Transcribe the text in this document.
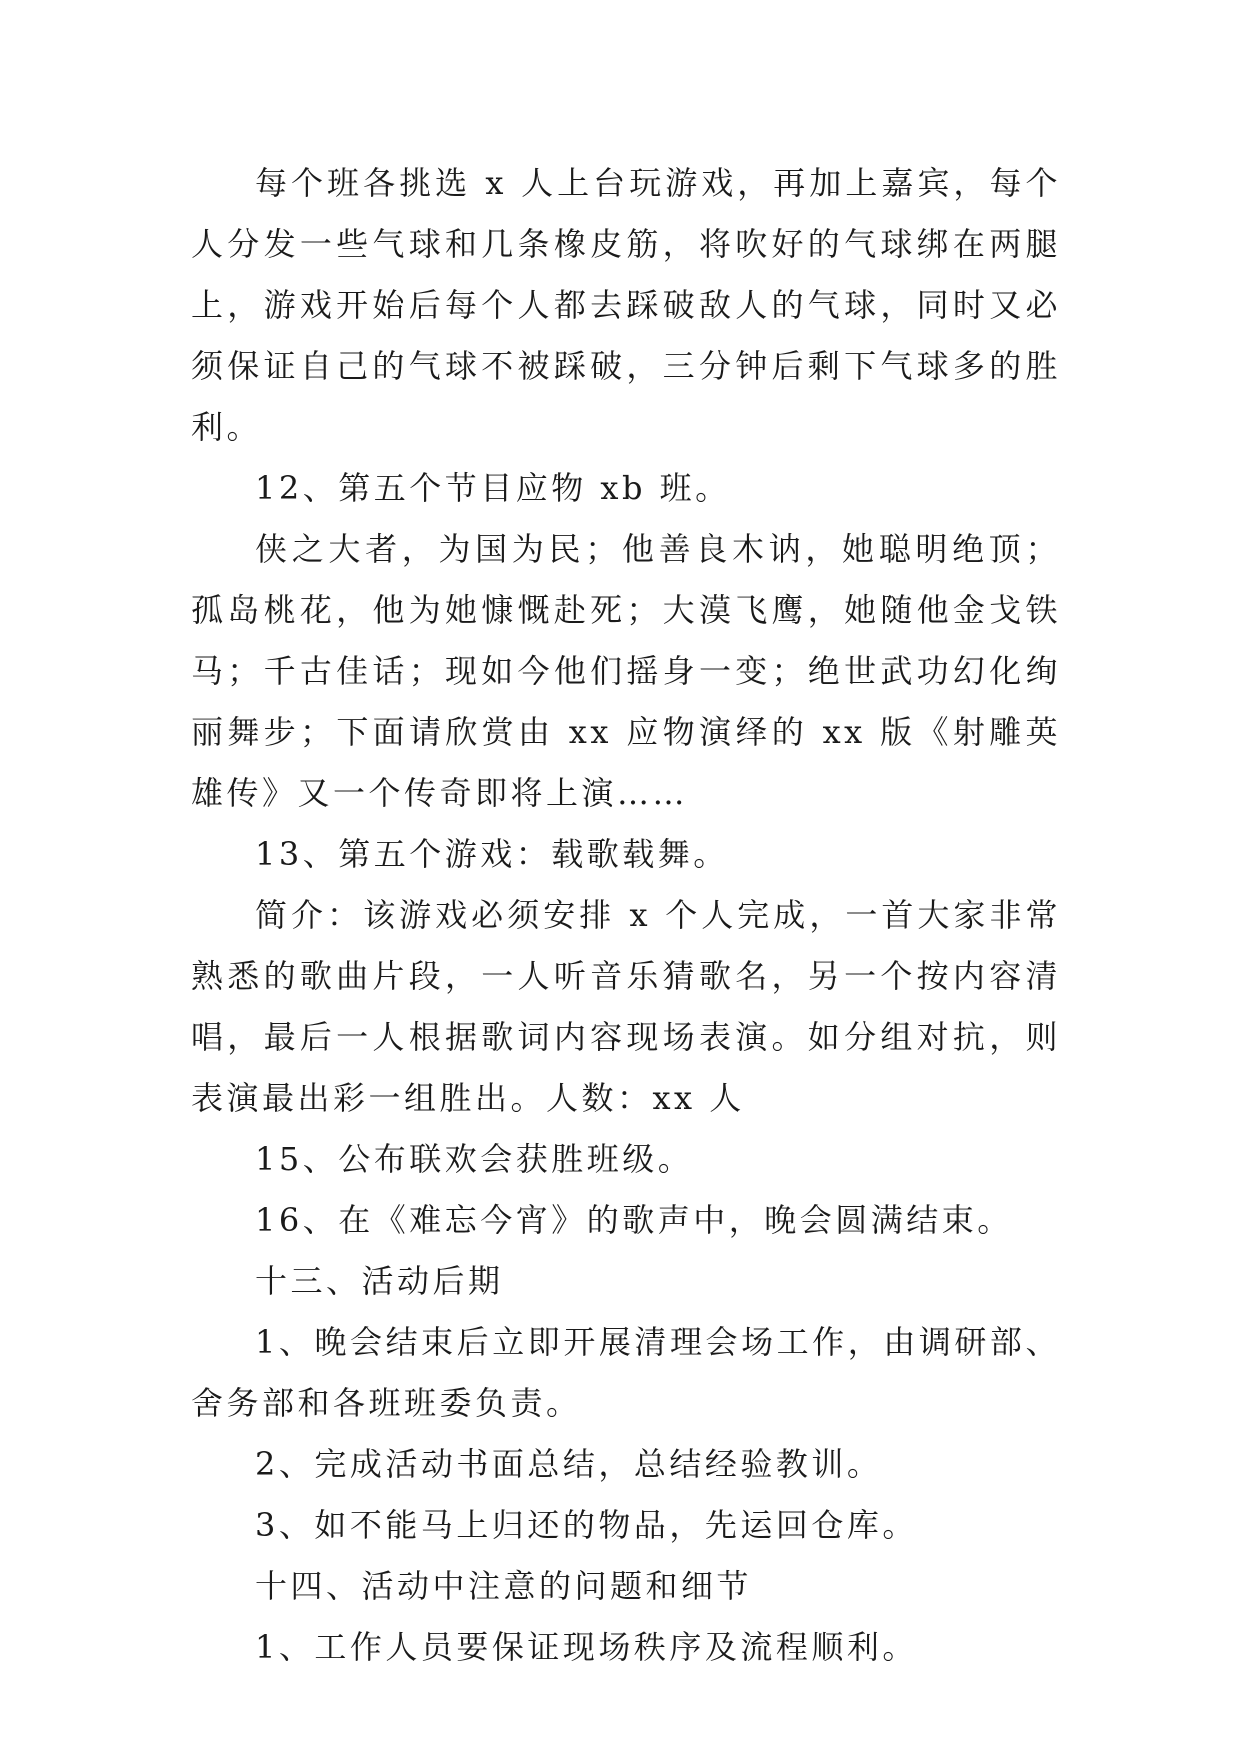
每个班各挑选 x 人上台玩游戏，再加上嘉宾，每个人分发一些气球和几条橡皮筋，将吹好的气球绑在两腿上，游戏开始后每个人都去踩破敌人的气球，同时又必须保证自己的气球不被踩破，三分钟后剩下气球多的胜利。

12、第五个节目应物 xb 班。

侠之大者，为国为民；他善良木讷，她聪明绝顶；孤岛桃花，他为她慷慨赴死；大漠飞鹰，她随他金戈铁马；千古佳话；现如今他们摇身一变；绝世武功幻化绚丽舞步；下面请欣赏由 xx 应物演绎的 xx 版《射雕英雄传》又一个传奇即将上演……

13、第五个游戏：载歌载舞。

简介：该游戏必须安排 x 个人完成，一首大家非常熟悉的歌曲片段，一人听音乐猜歌名，另一个按内容清唱，最后一人根据歌词内容现场表演。如分组对抗，则表演最出彩一组胜出。人数：xx 人

15、公布联欢会获胜班级。

16、在《难忘今宵》的歌声中，晚会圆满结束。

十三、活动后期

1、晚会结束后立即开展清理会场工作，由调研部、舍务部和各班班委负责。

2、完成活动书面总结，总结经验教训。

3、如不能马上归还的物品，先运回仓库。

十四、活动中注意的问题和细节

1、工作人员要保证现场秩序及流程顺利。
